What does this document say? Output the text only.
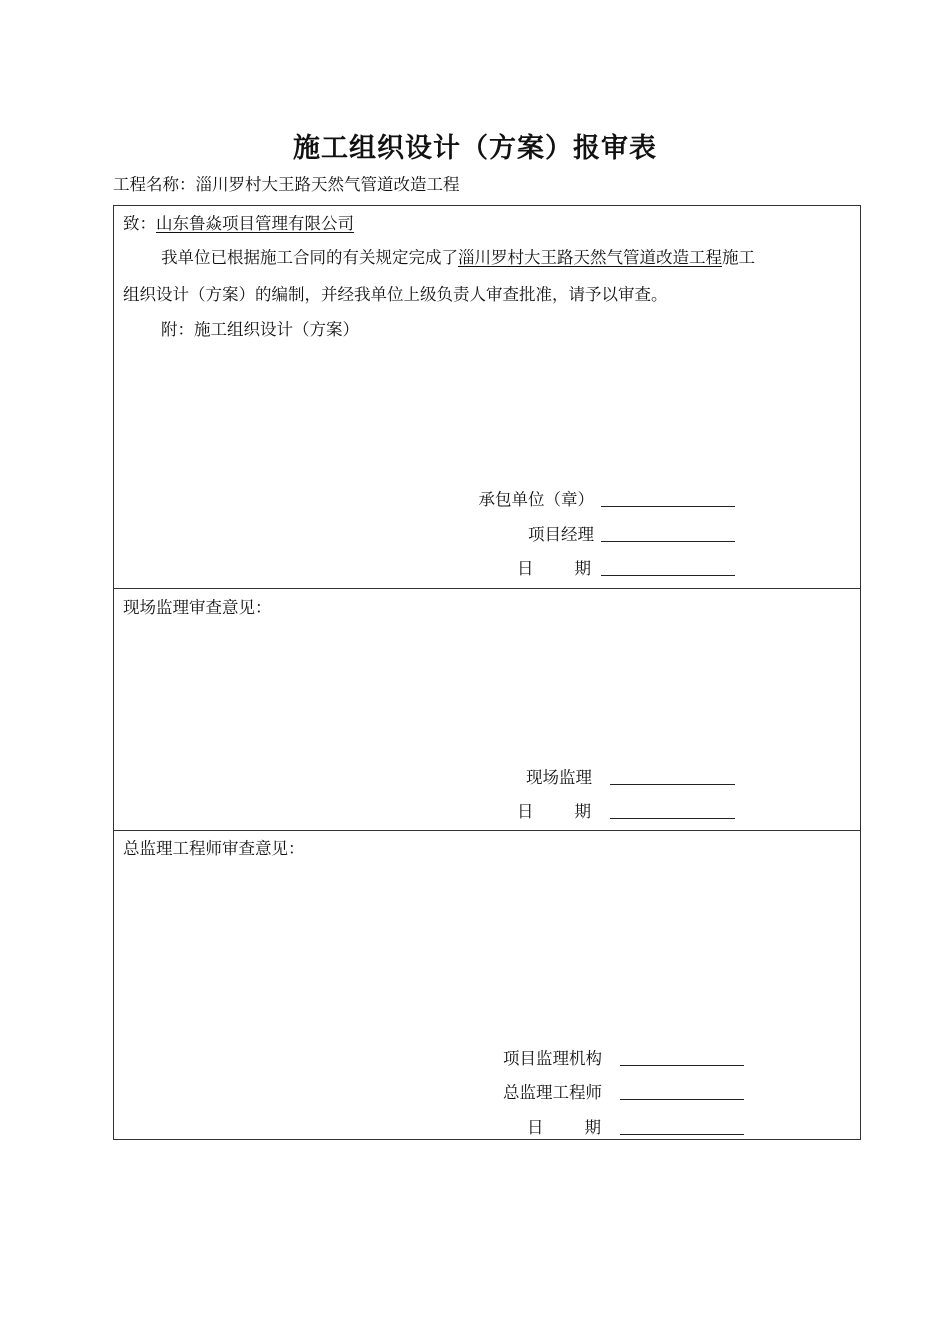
施工组织设计（方案）报审表
工程名称：淄川罗村大王路天然气管道改造工程
致：山东鲁焱项目管理有限公司
我单位已根据施工合同的有关规定完成了淄川罗村大王路天然气管道改造工程施工
组织设计（方案）的编制，并经我单位上级负责人审查批准，请予以审查。
附：施工组织设计（方案）
承包单位（章）
项目经理
日 期
现场监理审查意见：
现场监理
日 期
总监理工程师审查意见：
项目监理机构
总监理工程师
日 期
